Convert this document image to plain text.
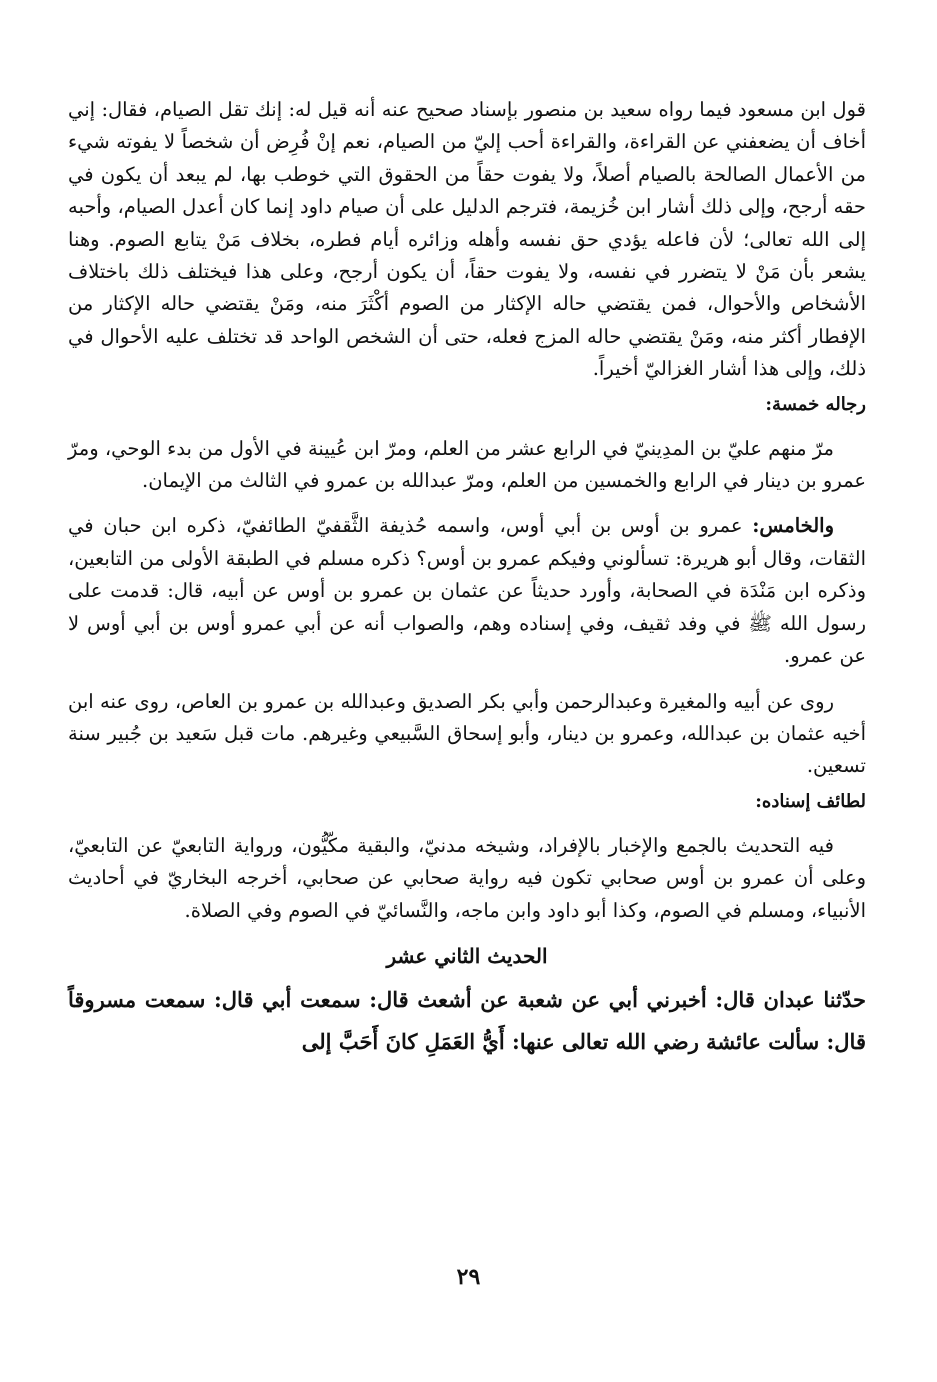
قول ابن مسعود فيما رواه سعيد بن منصور بإسناد صحيح عنه أنه قيل له: إنك تقل الصيام، فقال: إني أخاف أن يضعفني عن القراءة، والقراءة أحب إليّ من الصيام، نعم إنْ فُرِض أن شخصاً لا يفوته شيء من الأعمال الصالحة بالصيام أصلاً، ولا يفوت حقاً من الحقوق التي خوطب بها، لم يبعد أن يكون في حقه أرجح، وإلى ذلك أشار ابن خُزيمة، فترجم الدليل على أن صيام داود إنما كان أعدل الصيام، وأحبه إلى الله تعالى؛ لأن فاعله يؤدي حق نفسه وأهله وزائره أيام فطره، بخلاف مَنْ يتابع الصوم. وهنا يشعر بأن مَنْ لا يتضرر في نفسه، ولا يفوت حقاً، أن يكون أرجح، وعلى هذا فيختلف ذلك باختلاف الأشخاص والأحوال، فمن يقتضي حاله الإكثار من الصوم أكْثَرَ منه، ومَنْ يقتضي حاله الإكثار من الإفطار أكثر منه، ومَنْ يقتضي حاله المزج فعله، حتى أن الشخص الواحد قد تختلف عليه الأحوال في ذلك، وإلى هذا أشار الغزاليّ أخيراً.

رجاله خمسة:

مرّ منهم عليّ بن المدِينيّ في الرابع عشر من العلم، ومرّ ابن عُيينة في الأول من بدء الوحي، ومرّ عمرو بن دينار في الرابع والخمسين من العلم، ومرّ عبدالله بن عمرو في الثالث من الإيمان.

والخامس: عمرو بن أوس بن أبي أوس، واسمه حُذيفة الثَّقفيّ الطائفيّ، ذكره ابن حبان في الثقات، وقال أبو هريرة: تسألوني وفيكم عمرو بن أوس؟ ذكره مسلم في الطبقة الأولى من التابعين، وذكره ابن مَنْدَة في الصحابة، وأورد حديثاً عن عثمان بن عمرو بن أوس عن أبيه، قال: قدمت على رسول الله ﷺ في وفد ثقيف، وفي إسناده وهم، والصواب أنه عن أبي عمرو أوس بن أبي أوس لا عن عمرو.

روى عن أبيه والمغيرة وعبدالرحمن وأبي بكر الصديق وعبدالله بن عمرو بن العاص، روى عنه ابن أخيه عثمان بن عبدالله، وعمرو بن دينار، وأبو إسحاق السَّبيعي وغيرهم. مات قبل سَعيد بن جُبير سنة تسعين.

لطائف إسناده:

فيه التحديث بالجمع والإخبار بالإفراد، وشيخه مدنيّ، والبقية مكّيُّون، ورواية التابعيّ عن التابعيّ، وعلى أن عمرو بن أوس صحابي تكون فيه رواية صحابي عن صحابي، أخرجه البخاريّ في أحاديث الأنبياء، ومسلم في الصوم، وكذا أبو داود وابن ماجه، والنَّسائيّ في الصوم وفي الصلاة.

الحديث الثاني عشر

حدّثنا عبدان قال: أخبرني أبي عن شعبة عن أشعث قال: سمعت أبي قال: سمعت مسروقاً قال: سألت عائشة رضي الله تعالى عنها: أَيُّ العَمَلِ كانَ أَحَبَّ إلى

٢٩
